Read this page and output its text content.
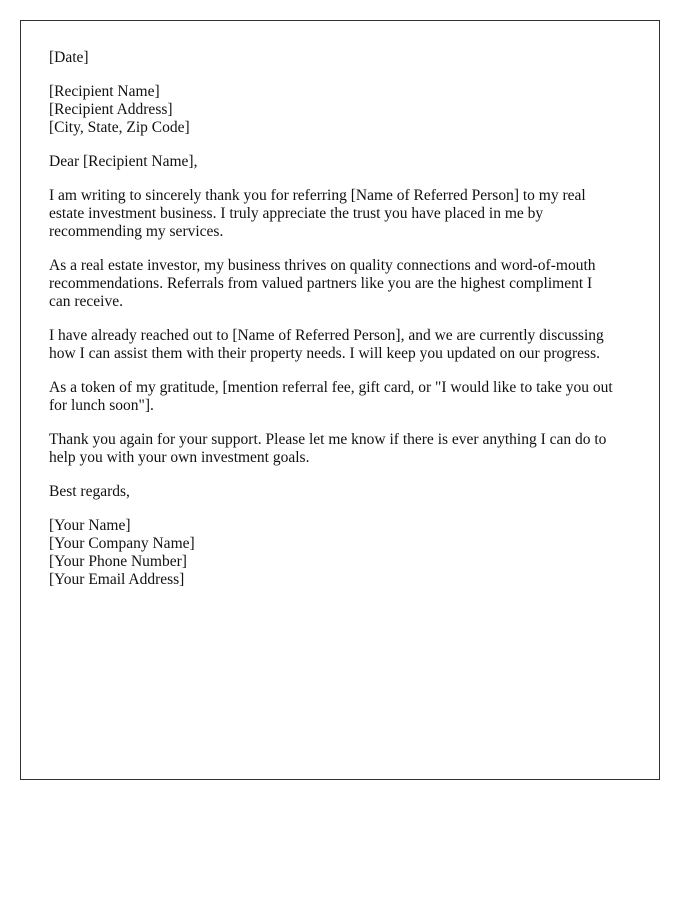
[Date]
[Recipient Name]
[Recipient Address]
[City, State, Zip Code]
Dear [Recipient Name],
I am writing to sincerely thank you for referring [Name of Referred Person] to my real
estate investment business. I truly appreciate the trust you have placed in me by
recommending my services.
As a real estate investor, my business thrives on quality connections and word-of-mouth
recommendations. Referrals from valued partners like you are the highest compliment I
can receive.
I have already reached out to [Name of Referred Person], and we are currently discussing
how I can assist them with their property needs. I will keep you updated on our progress.
As a token of my gratitude, [mention referral fee, gift card, or "I would like to take you out
for lunch soon"].
Thank you again for your support. Please let me know if there is ever anything I can do to
help you with your own investment goals.
Best regards,
[Your Name]
[Your Company Name]
[Your Phone Number]
[Your Email Address]
